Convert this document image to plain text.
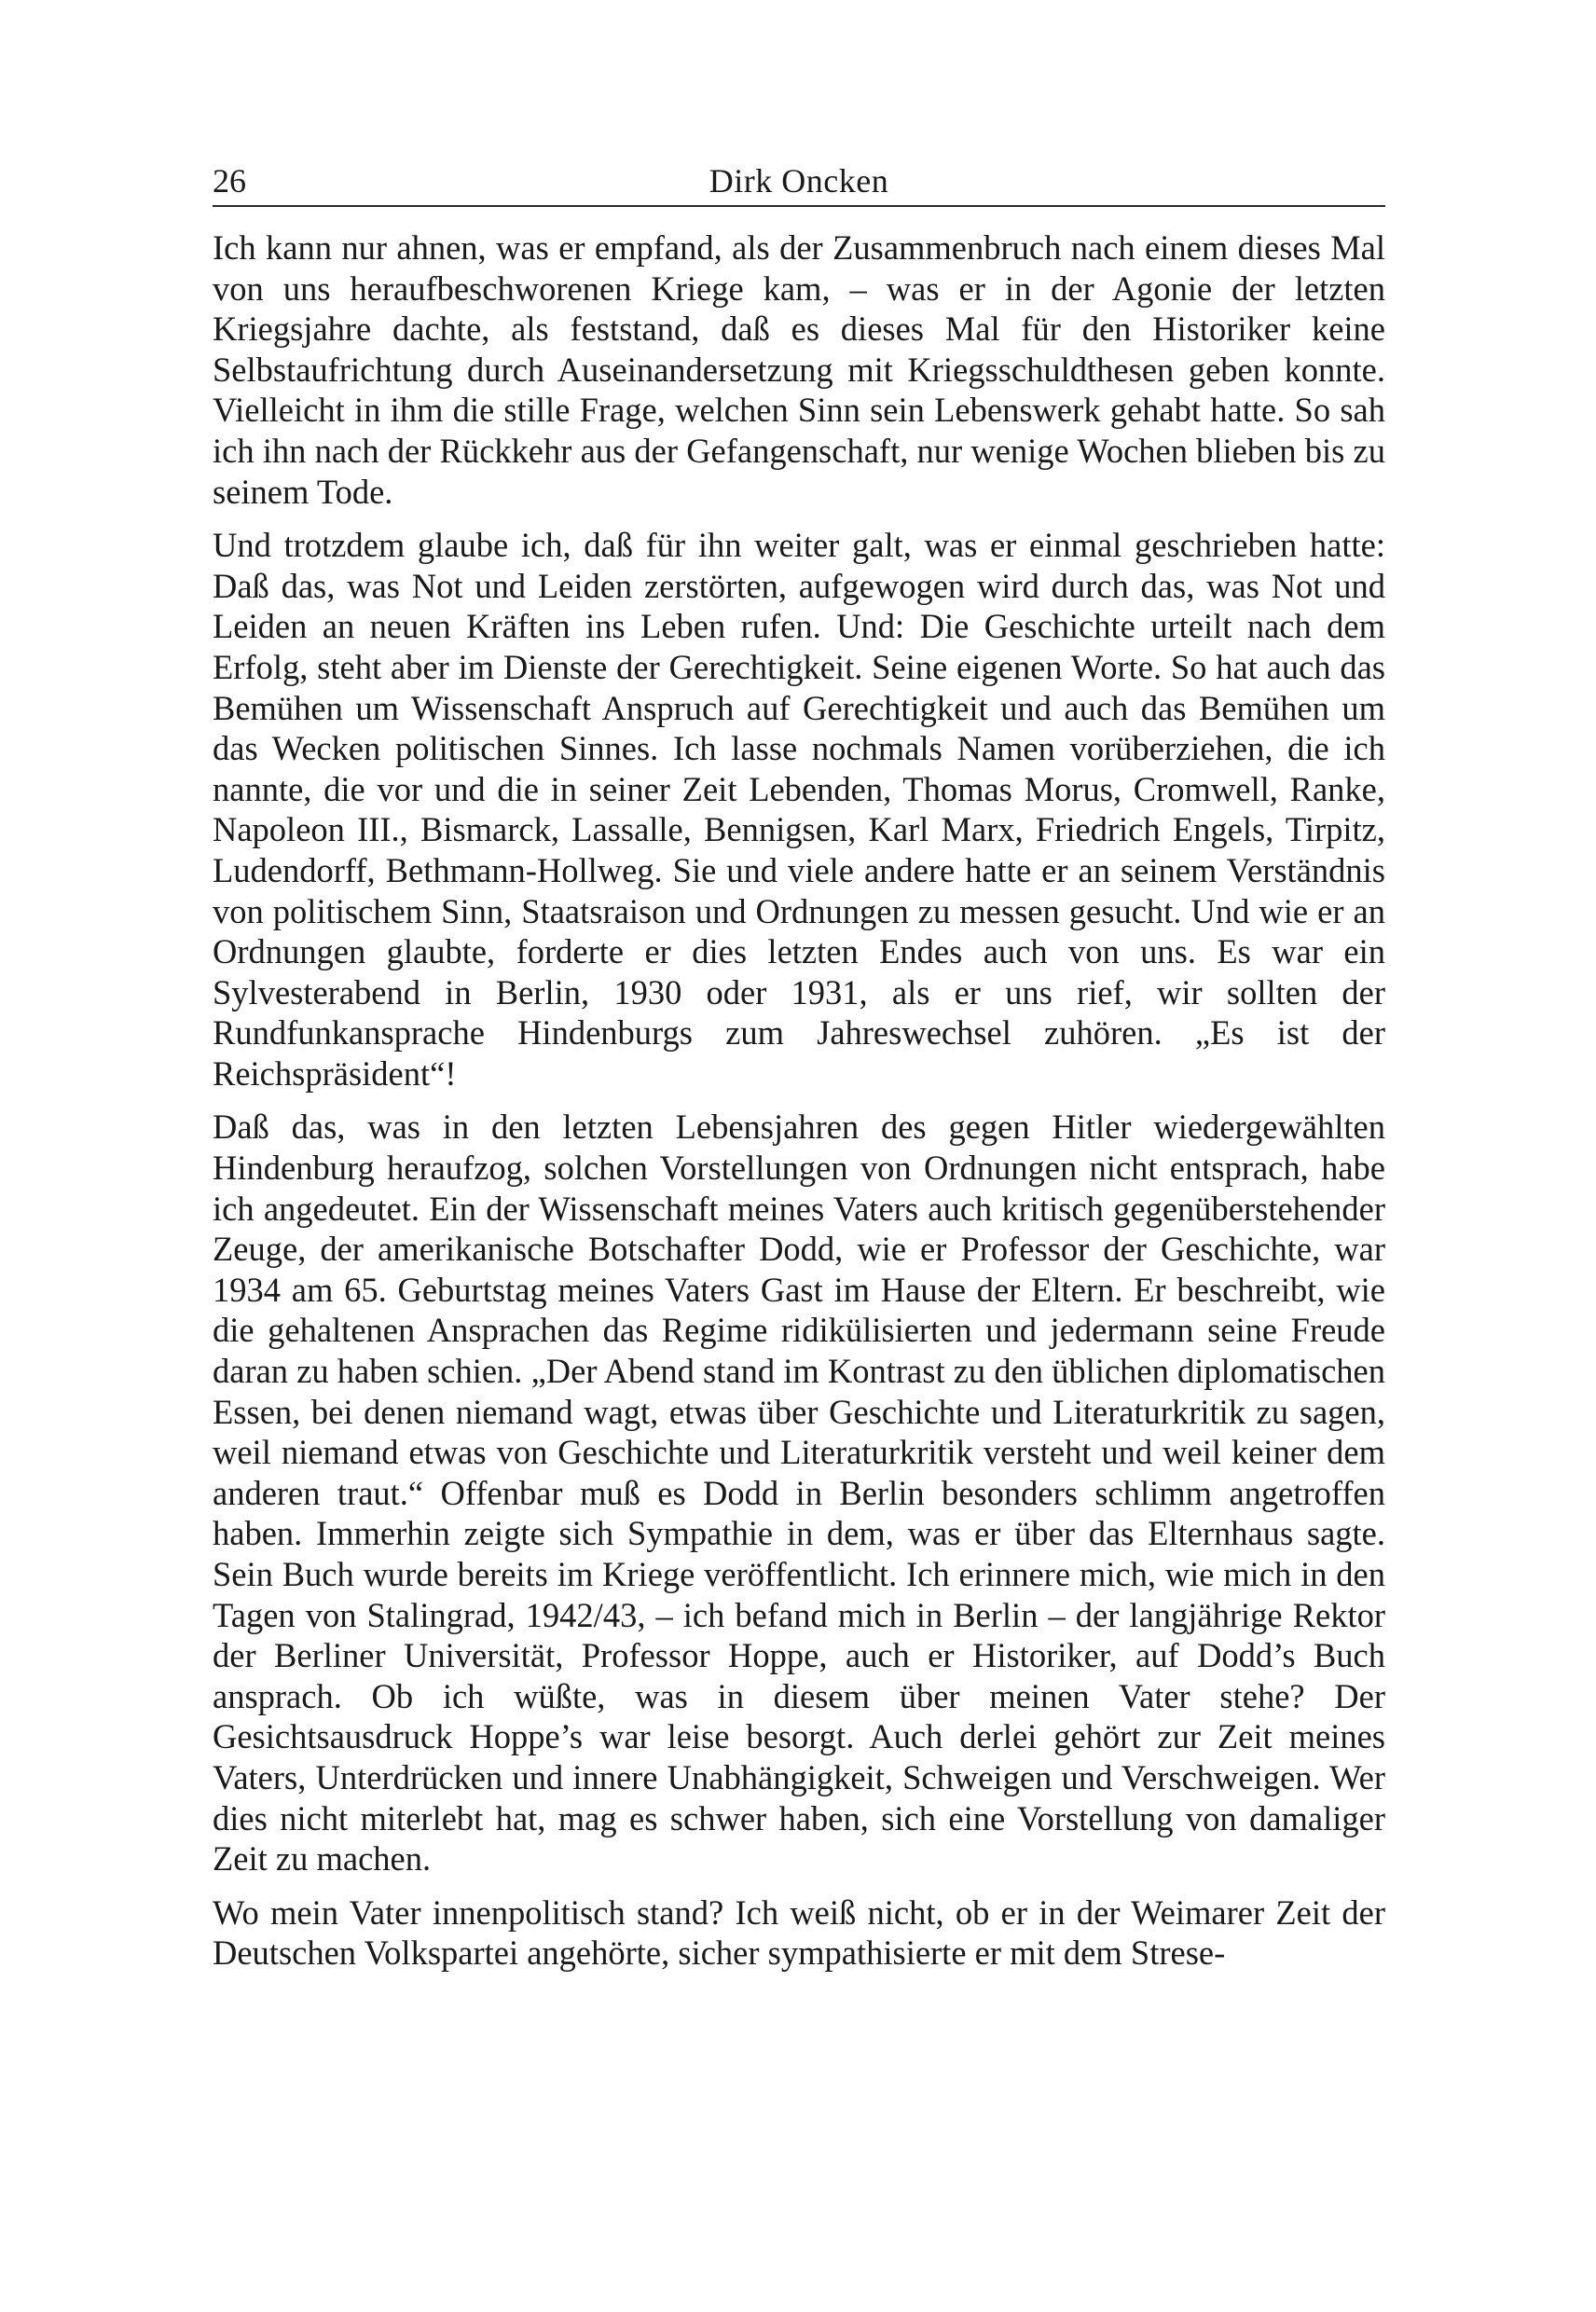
26	Dirk Oncken

Ich kann nur ahnen, was er empfand, als der Zusammenbruch nach einem dieses Mal von uns heraufbeschworenen Kriege kam, – was er in der Agonie der letzten Kriegsjahre dachte, als feststand, daß es dieses Mal für den Historiker keine Selbstaufrichtung durch Auseinandersetzung mit Kriegsschuldthesen geben konnte. Vielleicht in ihm die stille Frage, welchen Sinn sein Lebenswerk gehabt hatte. So sah ich ihn nach der Rückkehr aus der Gefangenschaft, nur wenige Wochen blieben bis zu seinem Tode.

Und trotzdem glaube ich, daß für ihn weiter galt, was er einmal geschrieben hatte: Daß das, was Not und Leiden zerstörten, aufgewogen wird durch das, was Not und Leiden an neuen Kräften ins Leben rufen. Und: Die Geschichte urteilt nach dem Erfolg, steht aber im Dienste der Gerechtigkeit. Seine eigenen Worte. So hat auch das Bemühen um Wissenschaft Anspruch auf Gerechtigkeit und auch das Bemühen um das Wecken politischen Sinnes. Ich lasse nochmals Namen vorüberziehen, die ich nannte, die vor und die in seiner Zeit Lebenden, Thomas Morus, Cromwell, Ranke, Napoleon III., Bismarck, Lassalle, Bennigsen, Karl Marx, Friedrich Engels, Tirpitz, Ludendorff, Bethmann-Hollweg. Sie und viele andere hatte er an seinem Verständnis von politischem Sinn, Staatsraison und Ordnungen zu messen gesucht. Und wie er an Ordnungen glaubte, forderte er dies letzten Endes auch von uns. Es war ein Sylvesterabend in Berlin, 1930 oder 1931, als er uns rief, wir sollten der Rundfunkansprache Hindenburgs zum Jahreswechsel zuhören. „Es ist der Reichspräsident“!

Daß das, was in den letzten Lebensjahren des gegen Hitler wiedergewählten Hindenburg heraufzog, solchen Vorstellungen von Ordnungen nicht entsprach, habe ich angedeutet. Ein der Wissenschaft meines Vaters auch kritisch gegenüberstehender Zeuge, der amerikanische Botschafter Dodd, wie er Professor der Geschichte, war 1934 am 65. Geburtstag meines Vaters Gast im Hause der Eltern. Er beschreibt, wie die gehaltenen Ansprachen das Regime ridikülisierten und jedermann seine Freude daran zu haben schien. „Der Abend stand im Kontrast zu den üblichen diplomatischen Essen, bei denen niemand wagt, etwas über Geschichte und Literaturkritik zu sagen, weil niemand etwas von Geschichte und Literaturkritik versteht und weil keiner dem anderen traut.“ Offenbar muß es Dodd in Berlin besonders schlimm angetroffen haben. Immerhin zeigte sich Sympathie in dem, was er über das Elternhaus sagte. Sein Buch wurde bereits im Kriege veröffentlicht. Ich erinnere mich, wie mich in den Tagen von Stalingrad, 1942/43, – ich befand mich in Berlin – der langjährige Rektor der Berliner Universität, Professor Hoppe, auch er Historiker, auf Dodd’s Buch ansprach. Ob ich wüßte, was in diesem über meinen Vater stehe? Der Gesichtsausdruck Hoppe’s war leise besorgt. Auch derlei gehört zur Zeit meines Vaters, Unterdrücken und innere Unabhängigkeit, Schweigen und Verschweigen. Wer dies nicht miterlebt hat, mag es schwer haben, sich eine Vorstellung von damaliger Zeit zu machen.

Wo mein Vater innenpolitisch stand? Ich weiß nicht, ob er in der Weimarer Zeit der Deutschen Volkspartei angehörte, sicher sympathisierte er mit dem Strese-
